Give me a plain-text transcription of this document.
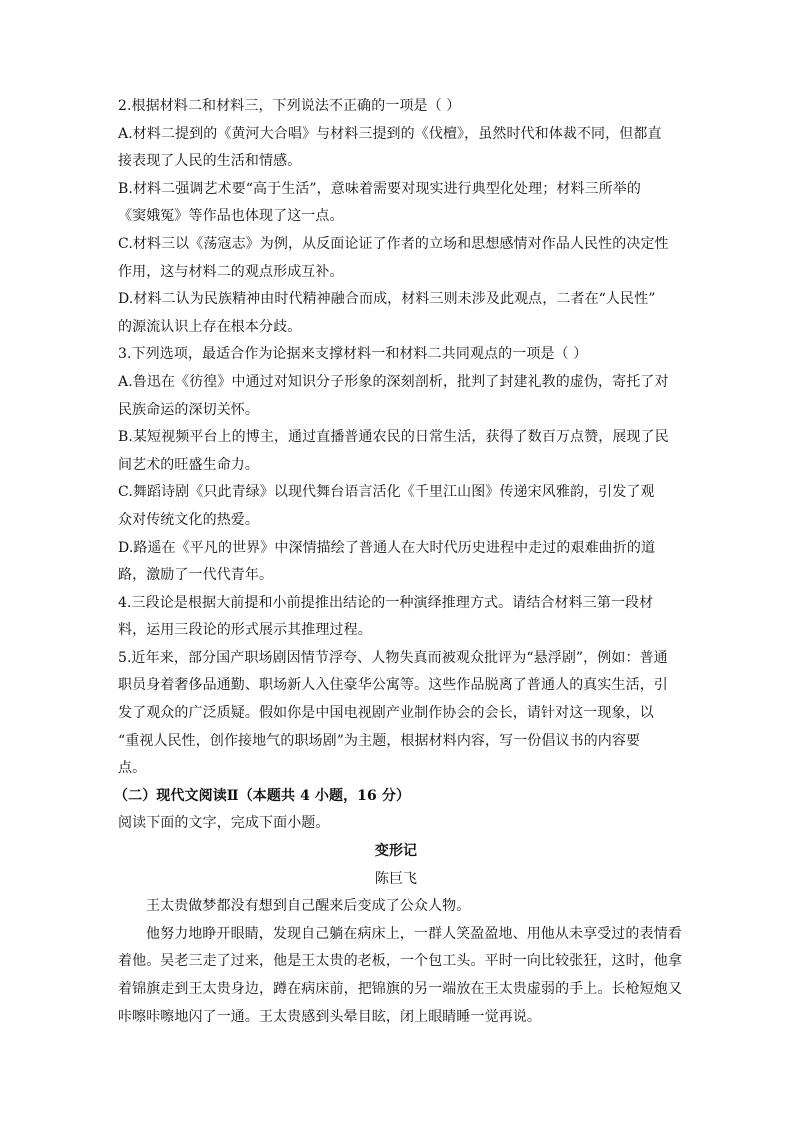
2.根据材料二和材料三，下列说法不正确的一项是（ ）
A.材料二提到的《黄河大合唱》与材料三提到的《伐檀》，虽然时代和体裁不同，但都直
接表现了人民的生活和情感。
B.材料二强调艺术要“高于生活”，意味着需要对现实进行典型化处理；材料三所举的
《窦娥冤》等作品也体现了这一点。
C.材料三以《荡寇志》为例，从反面论证了作者的立场和思想感情对作品人民性的决定性
作用，这与材料二的观点形成互补。
D.材料二认为民族精神由时代精神融合而成，材料三则未涉及此观点，二者在“人民性”
的源流认识上存在根本分歧。
3.下列选项，最适合作为论据来支撑材料一和材料二共同观点的一项是（ ）
A.鲁迅在《彷徨》中通过对知识分子形象的深刻剖析，批判了封建礼教的虚伪，寄托了对
民族命运的深切关怀。
B.某短视频平台上的博主，通过直播普通农民的日常生活，获得了数百万点赞，展现了民
间艺术的旺盛生命力。
C.舞蹈诗剧《只此青绿》以现代舞台语言活化《千里江山图》传递宋风雅韵，引发了观
众对传统文化的热爱。
D.路遥在《平凡的世界》中深情描绘了普通人在大时代历史进程中走过的艰难曲折的道
路，激励了一代代青年。
4.三段论是根据大前提和小前提推出结论的一种演绎推理方式。请结合材料三第一段材
料，运用三段论的形式展示其推理过程。
5.近年来，部分国产职场剧因情节浮夸、人物失真而被观众批评为“悬浮剧”，例如：普通
职员身着奢侈品通勤、职场新人入住豪华公寓等。这些作品脱离了普通人的真实生活，引
发了观众的广泛质疑。假如你是中国电视剧产业制作协会的会长，请针对这一现象，以
“重视人民性，创作接地气的职场剧”为主题，根据材料内容，写一份倡议书的内容要
点。
（二）现代文阅读Ⅱ（本题共 4 小题，16 分）
阅读下面的文字，完成下面小题。
变形记
陈巨飞
王太贵做梦都没有想到自己醒来后变成了公众人物。
他努力地睁开眼睛，发现自己躺在病床上，一群人笑盈盈地、用他从未享受过的表情看
着他。吴老三走了过来，他是王太贵的老板，一个包工头。平时一向比较张狂，这时，他拿
着锦旗走到王太贵身边，蹲在病床前，把锦旗的另一端放在王太贵虚弱的手上。长枪短炮又
咔嚓咔嚓地闪了一通。王太贵感到头晕目眩，闭上眼睛睡一觉再说。
